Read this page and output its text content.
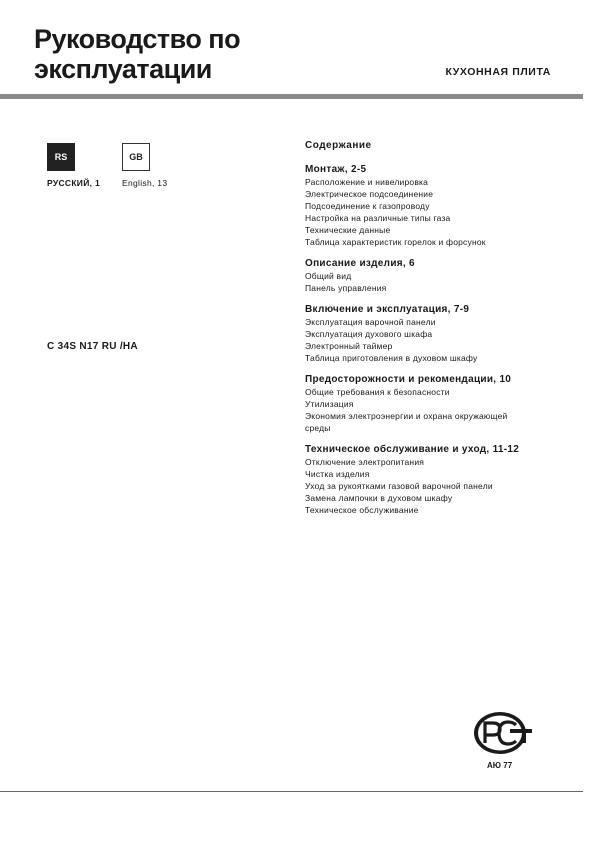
Руководство по
эксплуатации	КУХОННАЯ ПЛИТА
RS	GB
РУССКИЙ, 1	English, 13
C 34S N17 RU /HA
Содержание
Монтаж, 2-5
Расположение и нивелировка
Электрическое подсоединение
Подсоединение к газопроводу
Настройка на различные типы газа
Технические данные
Таблица характеристик горелок и форсунок
Описание изделия, 6
Общий вид
Панель управления
Включение и эксплуатация, 7-9
Эксплуатация варочной панели
Эксплуатация духового шкафа
Электронный таймер
Таблица приготовления в духовом шкафу
Предосторожности и рекомендации, 10
Общие требования к безопасности
Утилизация
Экономия электроэнергии и охрана окружающей
среды
Техническое обслуживание и уход, 11-12
Отключение электропитания
Чистка изделия
Уход за рукоятками газовой варочной панели
Замена лампочки в духовом шкафу
Техническое обслуживание
АЮ 77
